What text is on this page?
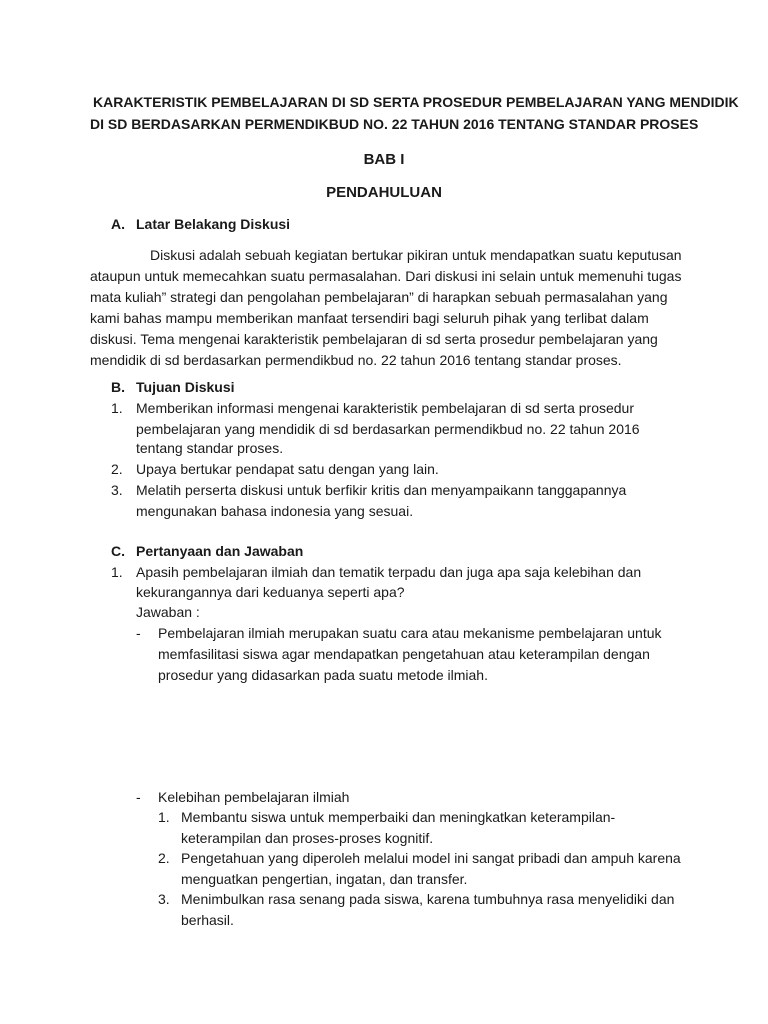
KARAKTERISTIK PEMBELAJARAN DI SD SERTA PROSEDUR PEMBELAJARAN YANG MENDIDIK
DI SD BERDASARKAN PERMENDIKBUD NO. 22 TAHUN 2016 TENTANG STANDAR PROSES
BAB I
PENDAHULUAN
A. Latar Belakang Diskusi
Diskusi adalah sebuah kegiatan bertukar pikiran untuk mendapatkan suatu keputusan
ataupun untuk memecahkan suatu permasalahan. Dari diskusi ini selain untuk memenuhi tugas
mata kuliah” strategi dan pengolahan pembelajaran” di harapkan sebuah permasalahan yang
kami bahas mampu memberikan manfaat tersendiri bagi seluruh pihak yang terlibat dalam
diskusi. Tema mengenai karakteristik pembelajaran di sd serta prosedur pembelajaran yang
mendidik di sd berdasarkan permendikbud no. 22 tahun 2016 tentang standar proses.
B. Tujuan Diskusi
1. Memberikan informasi mengenai karakteristik pembelajaran di sd serta prosedur
pembelajaran yang mendidik di sd berdasarkan permendikbud no. 22 tahun 2016
tentang standar proses.
2. Upaya bertukar pendapat satu dengan yang lain.
3. Melatih perserta diskusi untuk berfikir kritis dan menyampaikann tanggapannya
mengunakan bahasa indonesia yang sesuai.
C. Pertanyaan dan Jawaban
1. Apasih pembelajaran ilmiah dan tematik terpadu dan juga apa saja kelebihan dan
kekurangannya dari keduanya seperti apa?
Jawaban :
- Pembelajaran ilmiah merupakan suatu cara atau mekanisme pembelajaran untuk
memfasilitasi siswa agar mendapatkan pengetahuan atau keterampilan dengan
prosedur yang didasarkan pada suatu metode ilmiah.
- Kelebihan pembelajaran ilmiah
1. Membantu siswa untuk memperbaiki dan meningkatkan keterampilan-
keterampilan dan proses-proses kognitif.
2. Pengetahuan yang diperoleh melalui model ini sangat pribadi dan ampuh karena
menguatkan pengertian, ingatan, dan transfer.
3. Menimbulkan rasa senang pada siswa, karena tumbuhnya rasa menyelidiki dan
berhasil.
